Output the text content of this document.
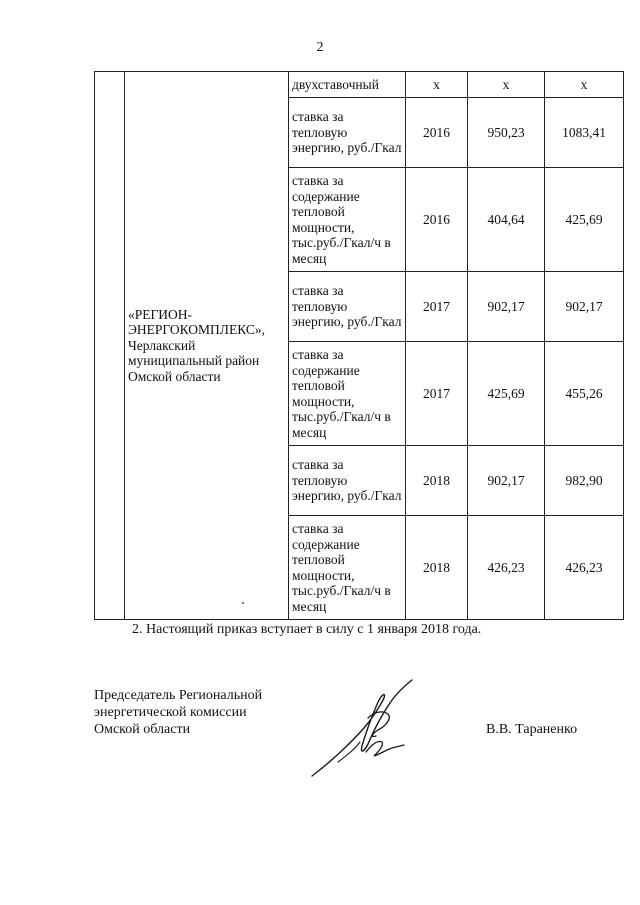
2
	«РЕГИОН-ЭНЕРГОКОМПЛЕКС», Черлакский муниципальный район Омской области	двухставочный	х	х	х
		ставка за тепловую энергию, руб./Гкал	2016	950,23	1083,41
		ставка за содержание тепловой мощности, тыс.руб./Гкал/ч в месяц	2016	404,64	425,69
		ставка за тепловую энергию, руб./Гкал	2017	902,17	902,17
		ставка за содержание тепловой мощности, тыс.руб./Гкал/ч в месяц	2017	425,69	455,26
		ставка за тепловую энергию, руб./Гкал	2018	902,17	982,90
		ставка за содержание тепловой мощности, тыс.руб./Гкал/ч в месяц	2018	426,23	426,23
2. Настоящий приказ вступает в силу с 1 января 2018 года.
Председатель Региональной
энергетической комиссии
Омской области	В.В. Тараненко
